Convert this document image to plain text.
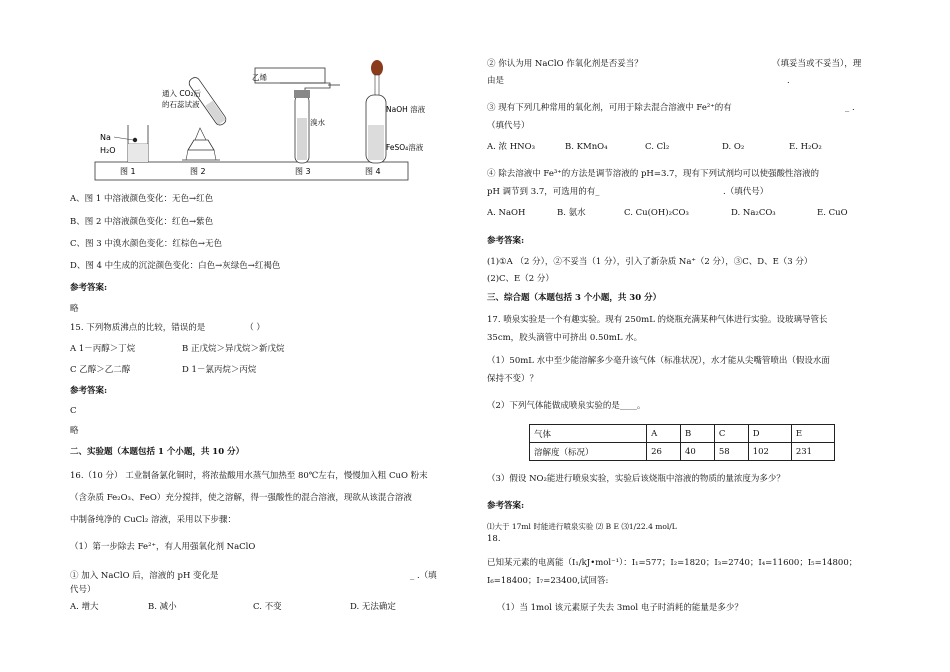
Na
H₂O
图 1
通入 CO₂后
的石蕊试液
图 2
乙烯
溴水
图 3
NaOH 溶液
FeSO₄溶液
图 4
A、图 1 中溶液颜色变化：无色→红色
B、图 2 中溶液颜色变化：红色→紫色
C、图 3 中溴水颜色变化：红棕色→无色
D、图 4 中生成的沉淀颜色变化：白色→灰绿色→红褐色
参考答案:
略
15. 下列物质沸点的比较，错误的是	（ ）
A 1－丙醇＞丁烷	B 正戊烷＞异戊烷＞新戊烷
C 乙醇＞乙二醇	D 1－氯丙烷＞丙烷
参考答案:
C
略
二、实验题（本题包括 1 个小题，共 10 分）
16.（10 分） 工业制备氯化铜时，将浓盐酸用水蒸气加热至 80℃左右，慢慢加入粗 CuO 粉末
（含杂质 Fe₂O₃、FeO）充分搅拌，使之溶解，得一强酸性的混合溶液，现欲从该混合溶液
中制备纯净的 CuCl₂ 溶液，采用以下步骤：
（1）第一步除去 Fe²⁺，有人用强氧化剂 NaClO
① 加入 NaClO 后，溶液的 pH 变化是	_ .（填
代号）
A. 增大	B. 减小	C. 不变	D. 无法确定
② 你认为用 NaClO 作氧化剂是否妥当？	（填妥当或不妥当），理
由是	.
③ 现有下列几种常用的氧化剂，可用于除去混合溶液中 Fe²⁺的有	_ .
（填代号）
A. 浓 HNO₃	B. KMnO₄	C. Cl₂	D. O₂	E. H₂O₂
④ 除去溶液中 Fe³⁺的方法是调节溶液的 pH=3.7，现有下列试剂均可以使强酸性溶液的
pH 调节到 3.7，可选用的有_	.（填代号）
A. NaOH	B. 氨水	C. Cu(OH)₂CO₃	D. Na₂CO₃	E. CuO
参考答案:
(1)①A （2 分），②不妥当（1 分），引入了新杂质 Na⁺（2 分），③C、D、E（3 分）
(2)C、E（2 分）
三、综合题（本题包括 3 个小题，共 30 分）
17. 喷泉实验是一个有趣实验。现有 250mL 的烧瓶充满某种气体进行实验。设玻璃导管长
35cm，胶头滴管中可挤出 0.50mL 水。
（1）50mL 水中至少能溶解多少毫升该气体（标准状况），水才能从尖嘴管喷出（假设水面
保持不变）？
（2）下列气体能做成喷泉实验的是____。
气体	A	B	C	D	E
溶解度（标况）	26	40	58	102	231
（3）假设 NO₂能进行喷泉实验，实验后该烧瓶中溶液的物质的量浓度为多少？
参考答案:
⑴大于 17ml 时能进行喷泉实验 ⑵ B E ⑶1/22.4 mol/L
18.
已知某元素的电离能（I₁/kJ•mol⁻¹）：I₁=577；I₂=1820；I₃=2740；I₄=11600；I₅=14800；
I₆=18400；I₇=23400,试回答:
（1）当 1mol 该元素原子失去 3mol 电子时消耗的能量是多少？
